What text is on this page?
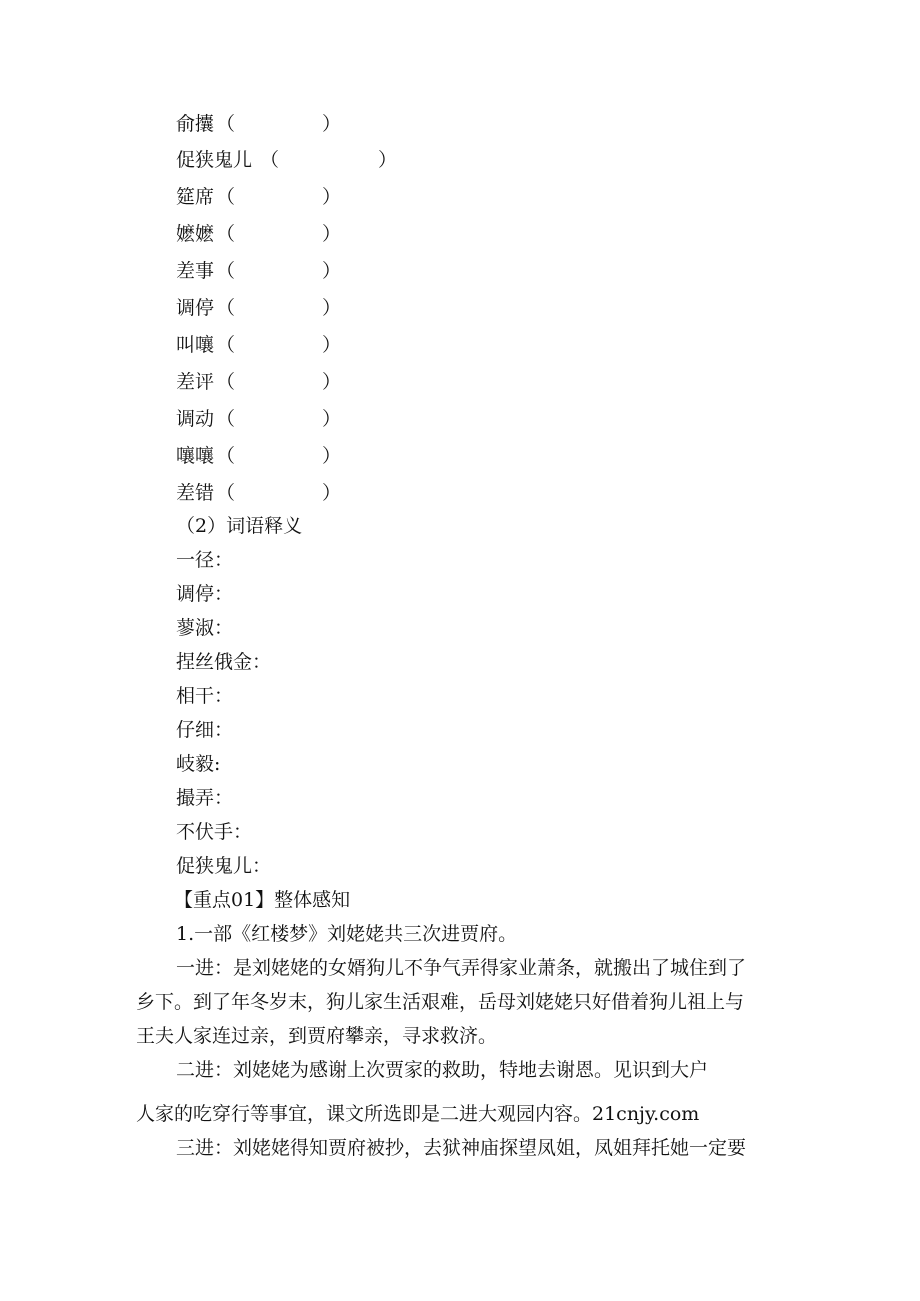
俞攮 （	）
促狭鬼儿 （	）
筵席 （	）
嬷嬷 （	）
差事 （	）
调停 （	）
叫嚷 （	）
差评 （	）
调动 （	）
嚷嚷 （	）
差错 （	）
（2）词语释义
一径：
调停：
蓼淑：
捏丝俄金：
相干：
仔细：
岐毅:
撮弄：
不伏手：
促狭鬼儿：
【重点01】整体感知
1.一部《红楼梦》刘姥姥共三次进贾府。
一进：是刘姥姥的女婿狗儿不争气弄得家业萧条，就搬出了城住到了
乡下。到了年冬岁末，狗儿家生活艰难，岳母刘姥姥只好借着狗儿祖上与
王夫人家连过亲，到贾府攀亲，寻求救济。
二进：刘姥姥为感谢上次贾家的救助，特地去谢恩。见识到大户
人家的吃穿行等事宜，课文所选即是二进大观园内容。21cnjy.com
三进：刘姥姥得知贾府被抄，去狱神庙探望凤姐，凤姐拜托她一定要
